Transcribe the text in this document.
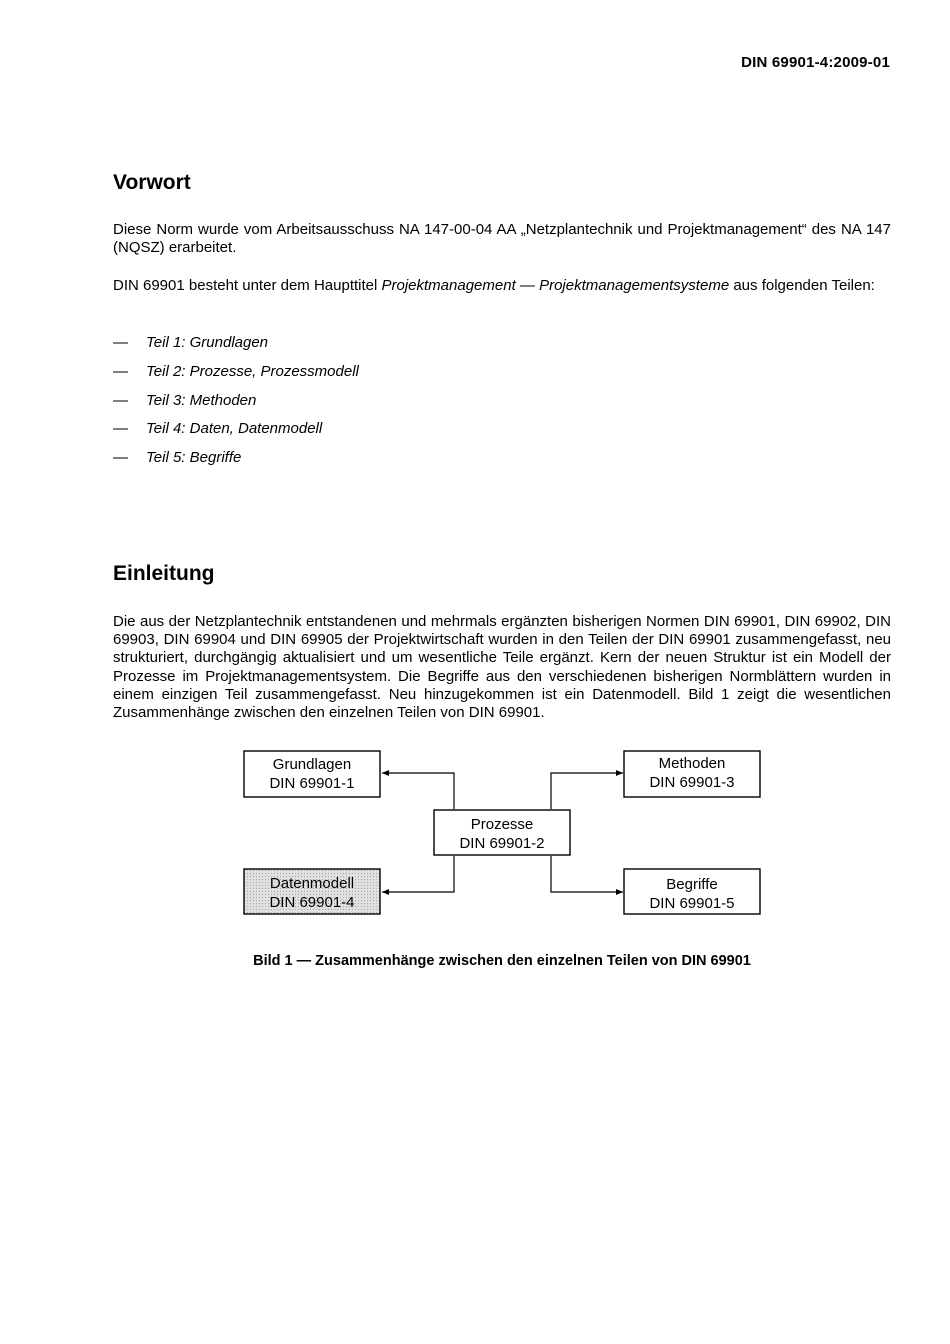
DIN 69901-4:2009-01
Vorwort

Diese Norm wurde vom Arbeitsausschuss NA 147-00-04 AA „Netzplantechnik und Projektmanagement“ des NA 147 (NQSZ) erarbeitet.

DIN 69901 besteht unter dem Haupttitel Projektmanagement — Projektmanagementsysteme aus folgenden Teilen:

— Teil 1: Grundlagen
— Teil 2: Prozesse, Prozessmodell
— Teil 3: Methoden
— Teil 4: Daten, Datenmodell
— Teil 5: Begriffe
Einleitung

Die aus der Netzplantechnik entstandenen und mehrmals ergänzten bisherigen Normen DIN 69901, DIN 69902, DIN 69903, DIN 69904 und DIN 69905 der Projektwirtschaft wurden in den Teilen der DIN 69901 zusammengefasst, neu strukturiert, durchgängig aktualisiert und um wesentliche Teile ergänzt. Kern der neuen Struktur ist ein Modell der Prozesse im Projektmanagementsystem. Die Begriffe aus den verschiedenen bisherigen Normblättern wurden in einem einzigen Teil zusammengefasst. Neu hinzugekommen ist ein Datenmodell. Bild 1 zeigt die wesentlichen Zusammenhänge zwischen den einzelnen Teilen von DIN 69901.

Grundlagen
DIN 69901-1
Methoden
DIN 69901-3
Prozesse
DIN 69901-2
Datenmodell
DIN 69901-4
Begriffe
DIN 69901-5
Bild 1 — Zusammenhänge zwischen den einzelnen Teilen von DIN 69901
